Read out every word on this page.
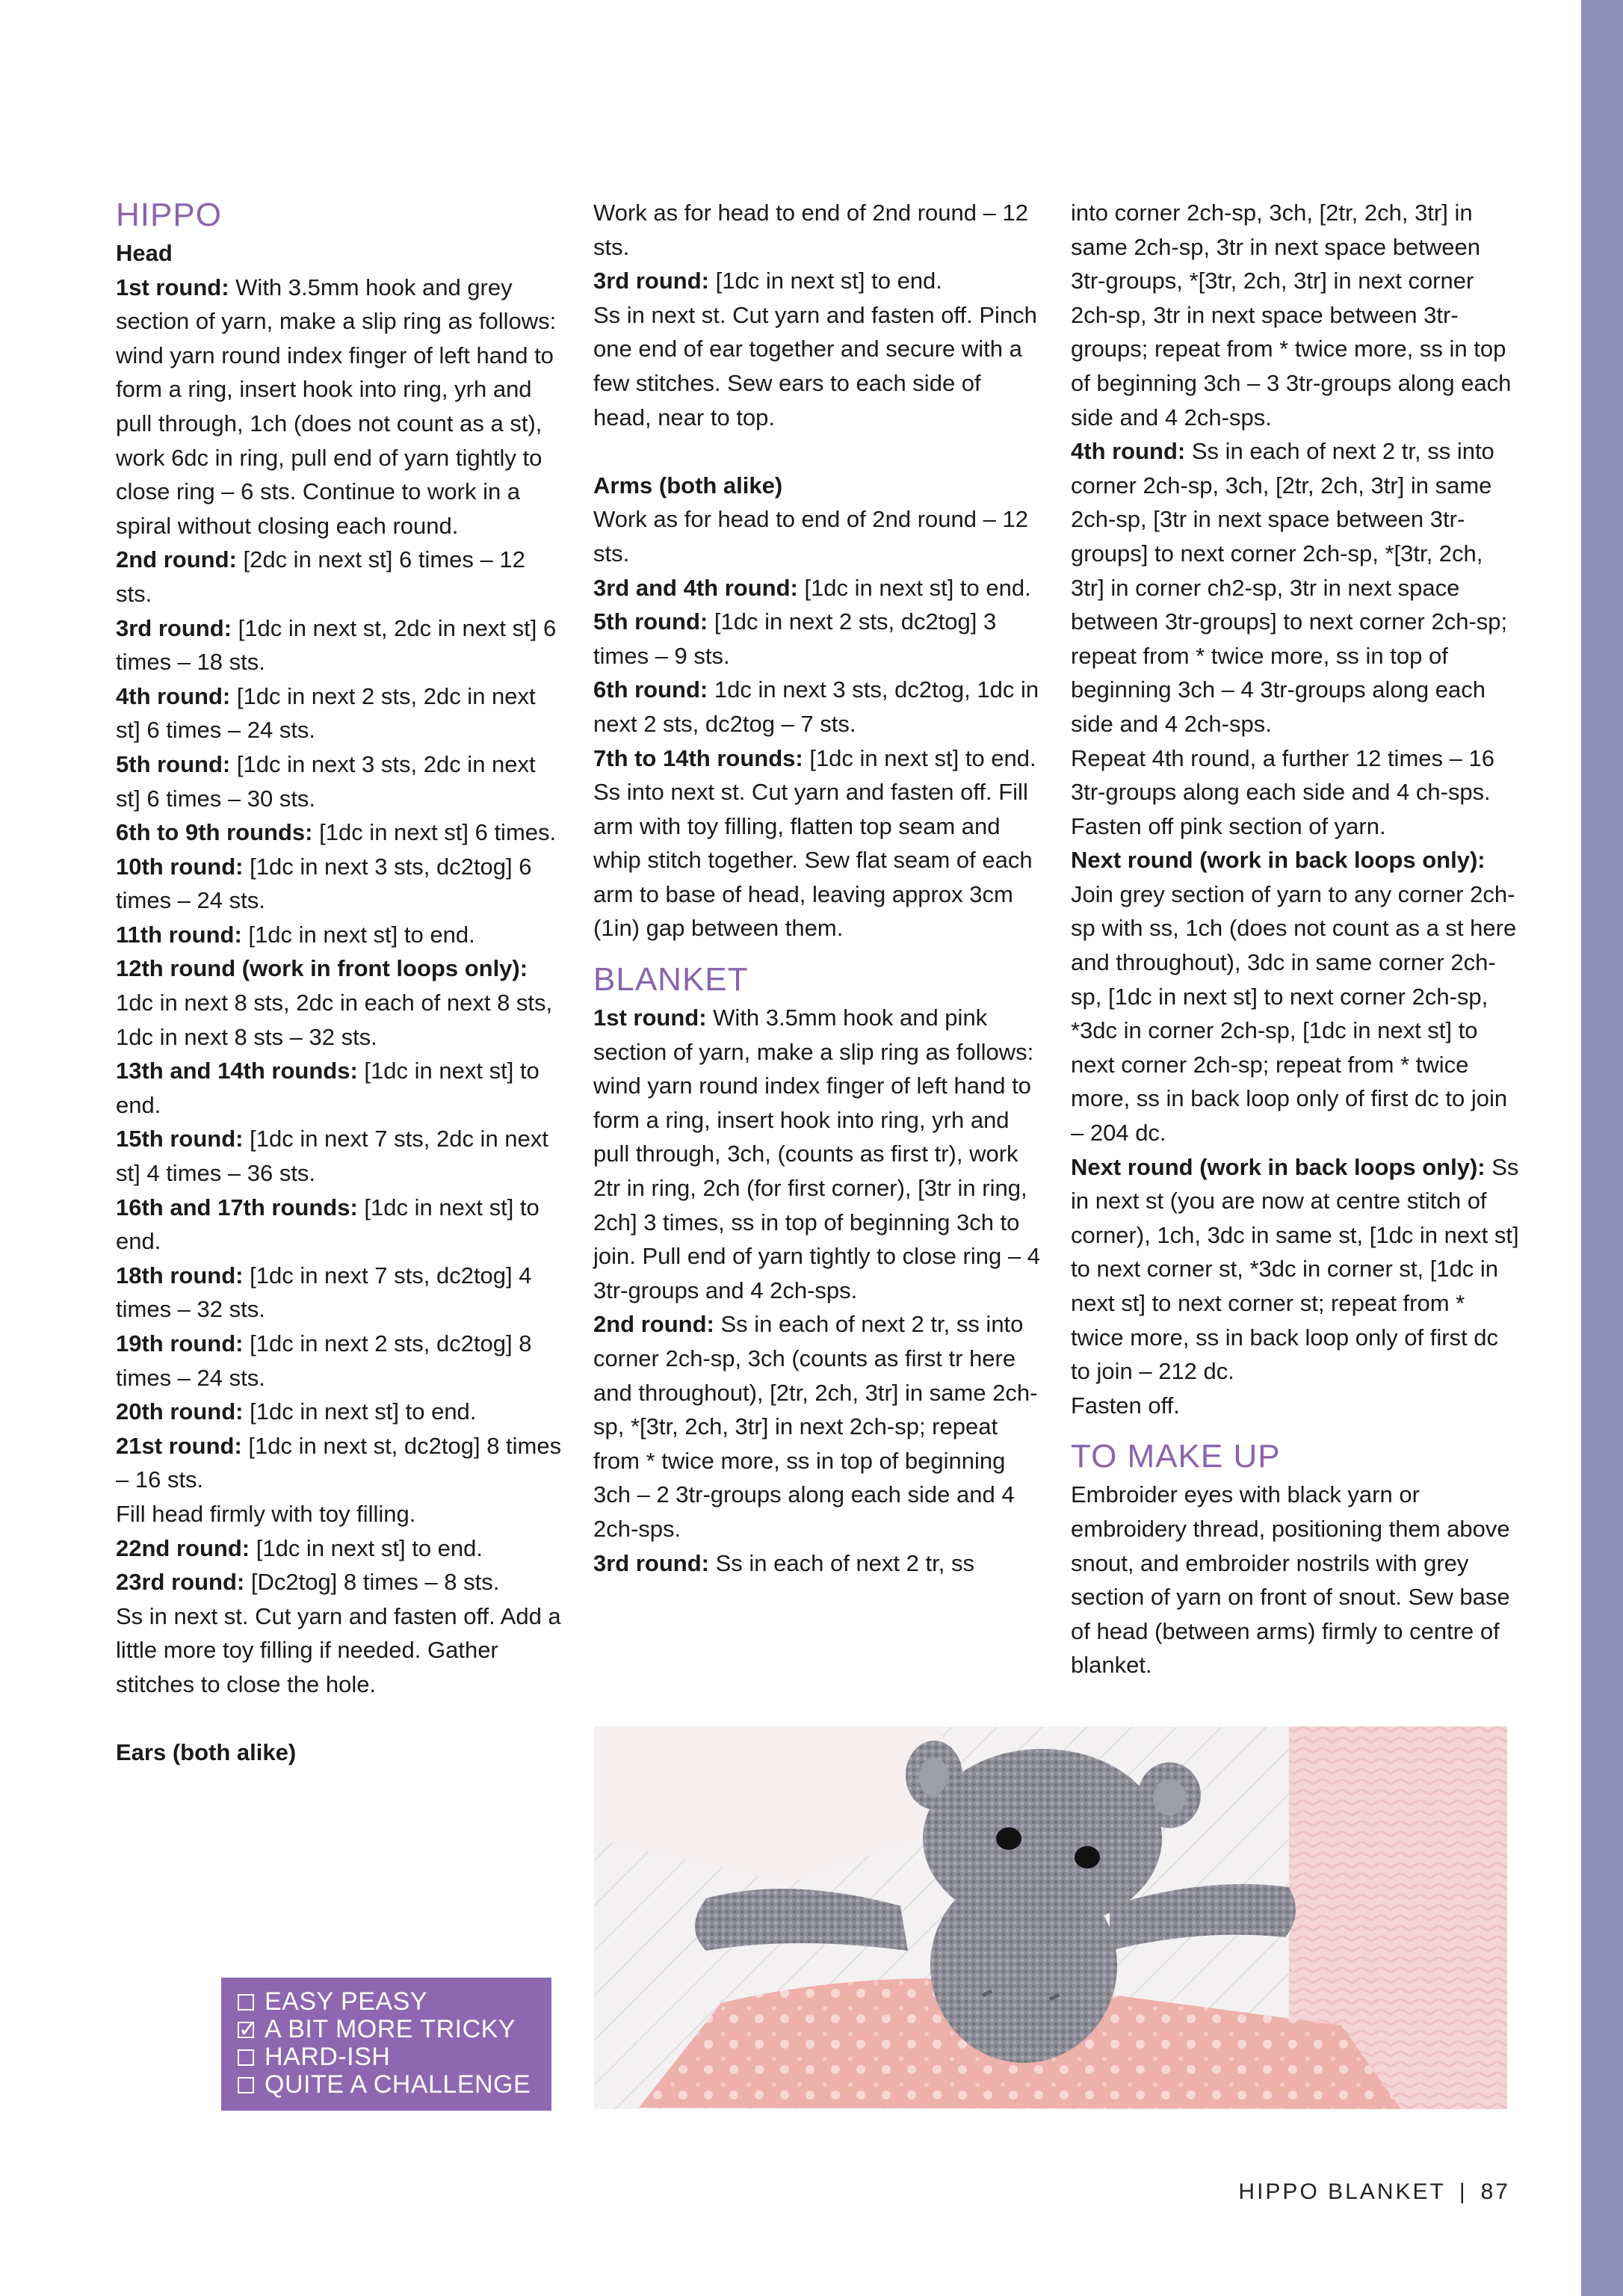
HIPPO
Head
1st round: With 3.5mm hook and grey section of yarn, make a slip ring as follows: wind yarn round index finger of left hand to form a ring, insert hook into ring, yrh and pull through, 1ch (does not count as a st), work 6dc in ring, pull end of yarn tightly to close ring – 6 sts. Continue to work in a spiral without closing each round.
2nd round: [2dc in next st] 6 times – 12 sts.
3rd round: [1dc in next st, 2dc in next st] 6 times – 18 sts.
4th round: [1dc in next 2 sts, 2dc in next st] 6 times – 24 sts.
5th round: [1dc in next 3 sts, 2dc in next st] 6 times – 30 sts.
6th to 9th rounds: [1dc in next st] 6 times.
10th round: [1dc in next 3 sts, dc2tog] 6 times – 24 sts.
11th round: [1dc in next st] to end.
12th round (work in front loops only): 1dc in next 8 sts, 2dc in each of next 8 sts, 1dc in next 8 sts – 32 sts.
13th and 14th rounds: [1dc in next st] to end.
15th round: [1dc in next 7 sts, 2dc in next st] 4 times – 36 sts.
16th and 17th rounds: [1dc in next st] to end.
18th round: [1dc in next 7 sts, dc2tog] 4 times – 32 sts.
19th round: [1dc in next 2 sts, dc2tog] 8 times – 24 sts.
20th round: [1dc in next st] to end.
21st round: [1dc in next st, dc2tog] 8 times – 16 sts.
Fill head firmly with toy filling.
22nd round: [1dc in next st] to end.
23rd round: [Dc2tog] 8 times – 8 sts.
Ss in next st. Cut yarn and fasten off. Add a little more toy filling if needed. Gather stitches to close the hole.
Ears (both alike)
Work as for head to end of 2nd round – 12 sts.
3rd round: [1dc in next st] to end.
Ss in next st. Cut yarn and fasten off. Pinch one end of ear together and secure with a few stitches. Sew ears to each side of head, near to top.
Arms (both alike)
Work as for head to end of 2nd round – 12 sts.
3rd and 4th round: [1dc in next st] to end.
5th round: [1dc in next 2 sts, dc2tog] 3 times – 9 sts.
6th round: 1dc in next 3 sts, dc2tog, 1dc in next 2 sts, dc2tog – 7 sts.
7th to 14th rounds: [1dc in next st] to end.
Ss into next st. Cut yarn and fasten off. Fill arm with toy filling, flatten top seam and whip stitch together. Sew flat seam of each arm to base of head, leaving approx 3cm (1in) gap between them.
BLANKET
1st round: With 3.5mm hook and pink section of yarn, make a slip ring as follows: wind yarn round index finger of left hand to form a ring, insert hook into ring, yrh and pull through, 3ch, (counts as first tr), work 2tr in ring, 2ch (for first corner), [3tr in ring, 2ch] 3 times, ss in top of beginning 3ch to join. Pull end of yarn tightly to close ring – 4 3tr-groups and 4 2ch-sps.
2nd round: Ss in each of next 2 tr, ss into corner 2ch-sp, 3ch (counts as first tr here and throughout), [2tr, 2ch, 3tr] in same 2ch-sp, *[3tr, 2ch, 3tr] in next 2ch-sp; repeat from * twice more, ss in top of beginning 3ch – 2 3tr-groups along each side and 4 2ch-sps.
3rd round: Ss in each of next 2 tr, ss
into corner 2ch-sp, 3ch, [2tr, 2ch, 3tr] in same 2ch-sp, 3tr in next space between 3tr-groups, *[3tr, 2ch, 3tr] in next corner 2ch-sp, 3tr in next space between 3tr-groups; repeat from * twice more, ss in top of beginning 3ch – 3 3tr-groups along each side and 4 2ch-sps.
4th round: Ss in each of next 2 tr, ss into corner 2ch-sp, 3ch, [2tr, 2ch, 3tr] in same 2ch-sp, [3tr in next space between 3tr-groups] to next corner 2ch-sp, *[3tr, 2ch, 3tr] in corner ch2-sp, 3tr in next space between 3tr-groups] to next corner 2ch-sp; repeat from * twice more, ss in top of beginning 3ch – 4 3tr-groups along each side and 4 2ch-sps.
Repeat 4th round, a further 12 times – 16 3tr-groups along each side and 4 ch-sps. Fasten off pink section of yarn.
Next round (work in back loops only): Join grey section of yarn to any corner 2ch-sp with ss, 1ch (does not count as a st here and throughout), 3dc in same corner 2ch-sp, [1dc in next st] to next corner 2ch-sp, *3dc in corner 2ch-sp, [1dc in next st] to next corner 2ch-sp; repeat from * twice more, ss in back loop only of first dc to join – 204 dc.
Next round (work in back loops only): Ss in next st (you are now at centre stitch of corner), 1ch, 3dc in same st, [1dc in next st] to next corner st, *3dc in corner st, [1dc in next st] to next corner st; repeat from * twice more, ss in back loop only of first dc to join – 212 dc.
Fasten off.
TO MAKE UP
Embroider eyes with black yarn or embroidery thread, positioning them above snout, and embroider nostrils with grey section of yarn on front of snout. Sew base of head (between arms) firmly to centre of blanket.
EASY PEASY
✓
A BIT MORE TRICKY
HARD-ISH
QUITE A CHALLENGE
HIPPO BLANKET | 87
